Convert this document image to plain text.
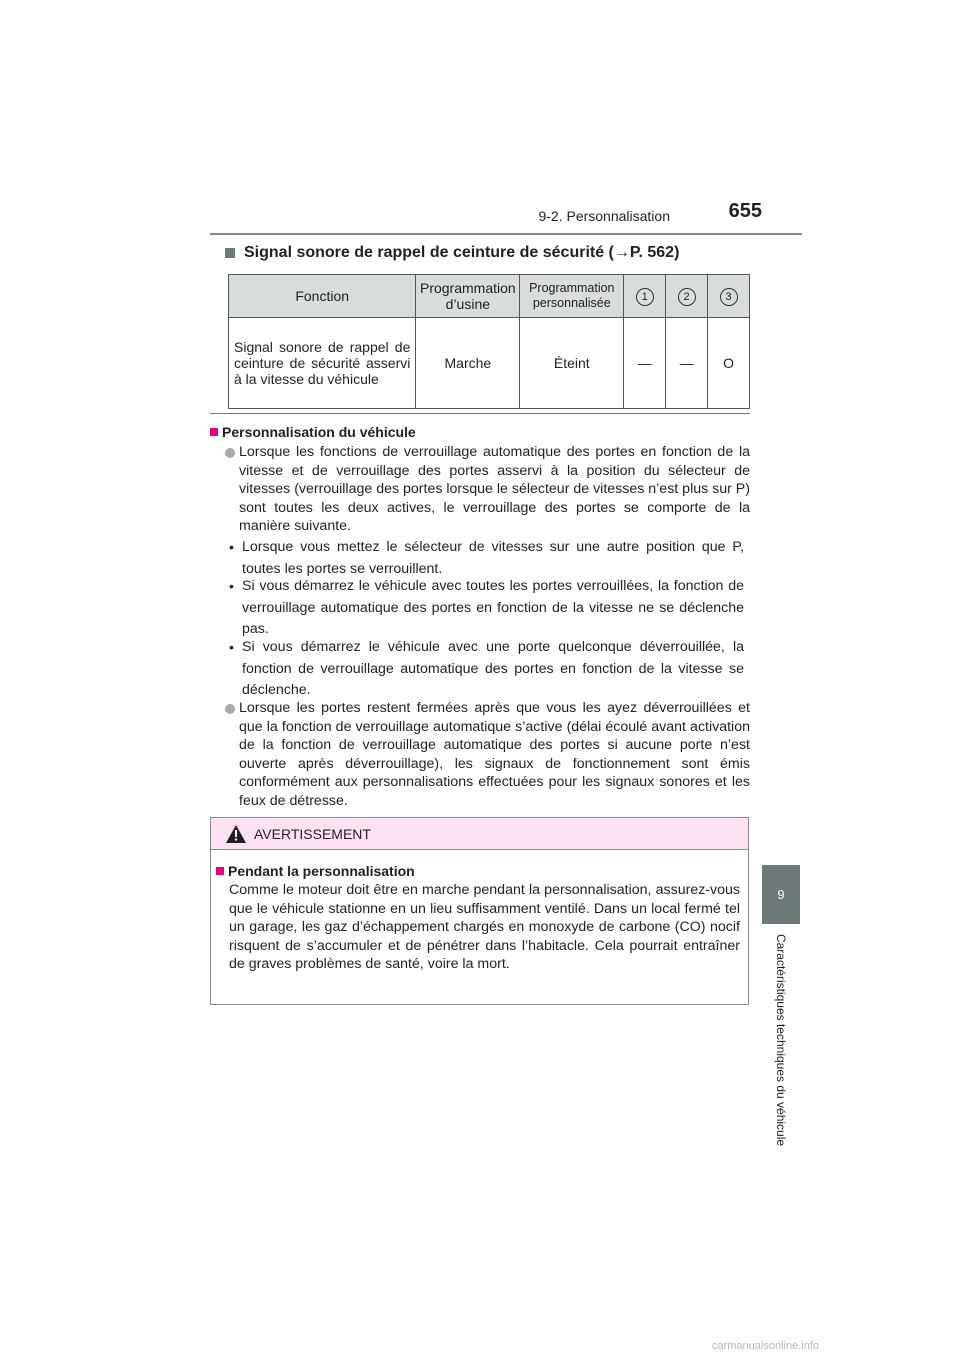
9-2. Personnalisation	655
9
Caractéristiques techniques du véhicule
Signal sonore de rappel de ceinture de sécurité (→P. 562)
Fonction	Programmation d’usine	Programmation personnalisée	1	2	3
Signal sonore de rappel de ceinture de sécurité asservi à la vitesse du véhicule	Marche	Éteint	—	—	O
Personnalisation du véhicule
Lorsque les fonctions de verrouillage automatique des portes en fonction de la vitesse et de verrouillage des portes asservi à la position du sélecteur de vitesses (verrouillage des portes lorsque le sélecteur de vitesses n’est plus sur P) sont toutes les deux actives, le verrouillage des portes se comporte de la manière suivante.
• Lorsque vous mettez le sélecteur de vitesses sur une autre position que P, toutes les portes se verrouillent.
• Si vous démarrez le véhicule avec toutes les portes verrouillées, la fonction de verrouillage automatique des portes en fonction de la vitesse ne se déclenche pas.
• Si vous démarrez le véhicule avec une porte quelconque déverrouillée, la fonction de verrouillage automatique des portes en fonction de la vitesse se déclenche.
Lorsque les portes restent fermées après que vous les ayez déverrouillées et que la fonction de verrouillage automatique s’active (délai écoulé avant activation de la fonction de verrouillage automatique des portes si aucune porte n’est ouverte après déverrouillage), les signaux de fonctionnement sont émis conformément aux personnalisations effectuées pour les signaux sonores et les feux de détresse.
AVERTISSEMENT
Pendant la personnalisation
Comme le moteur doit être en marche pendant la personnalisation, assurez-vous que le véhicule stationne en un lieu suffisamment ventilé. Dans un local fermé tel un garage, les gaz d’échappement chargés en monoxyde de carbone (CO) nocif risquent de s’accumuler et de pénétrer dans l’habitacle. Cela pourrait entraîner de graves problèmes de santé, voire la mort.
carmanualsonline.info
